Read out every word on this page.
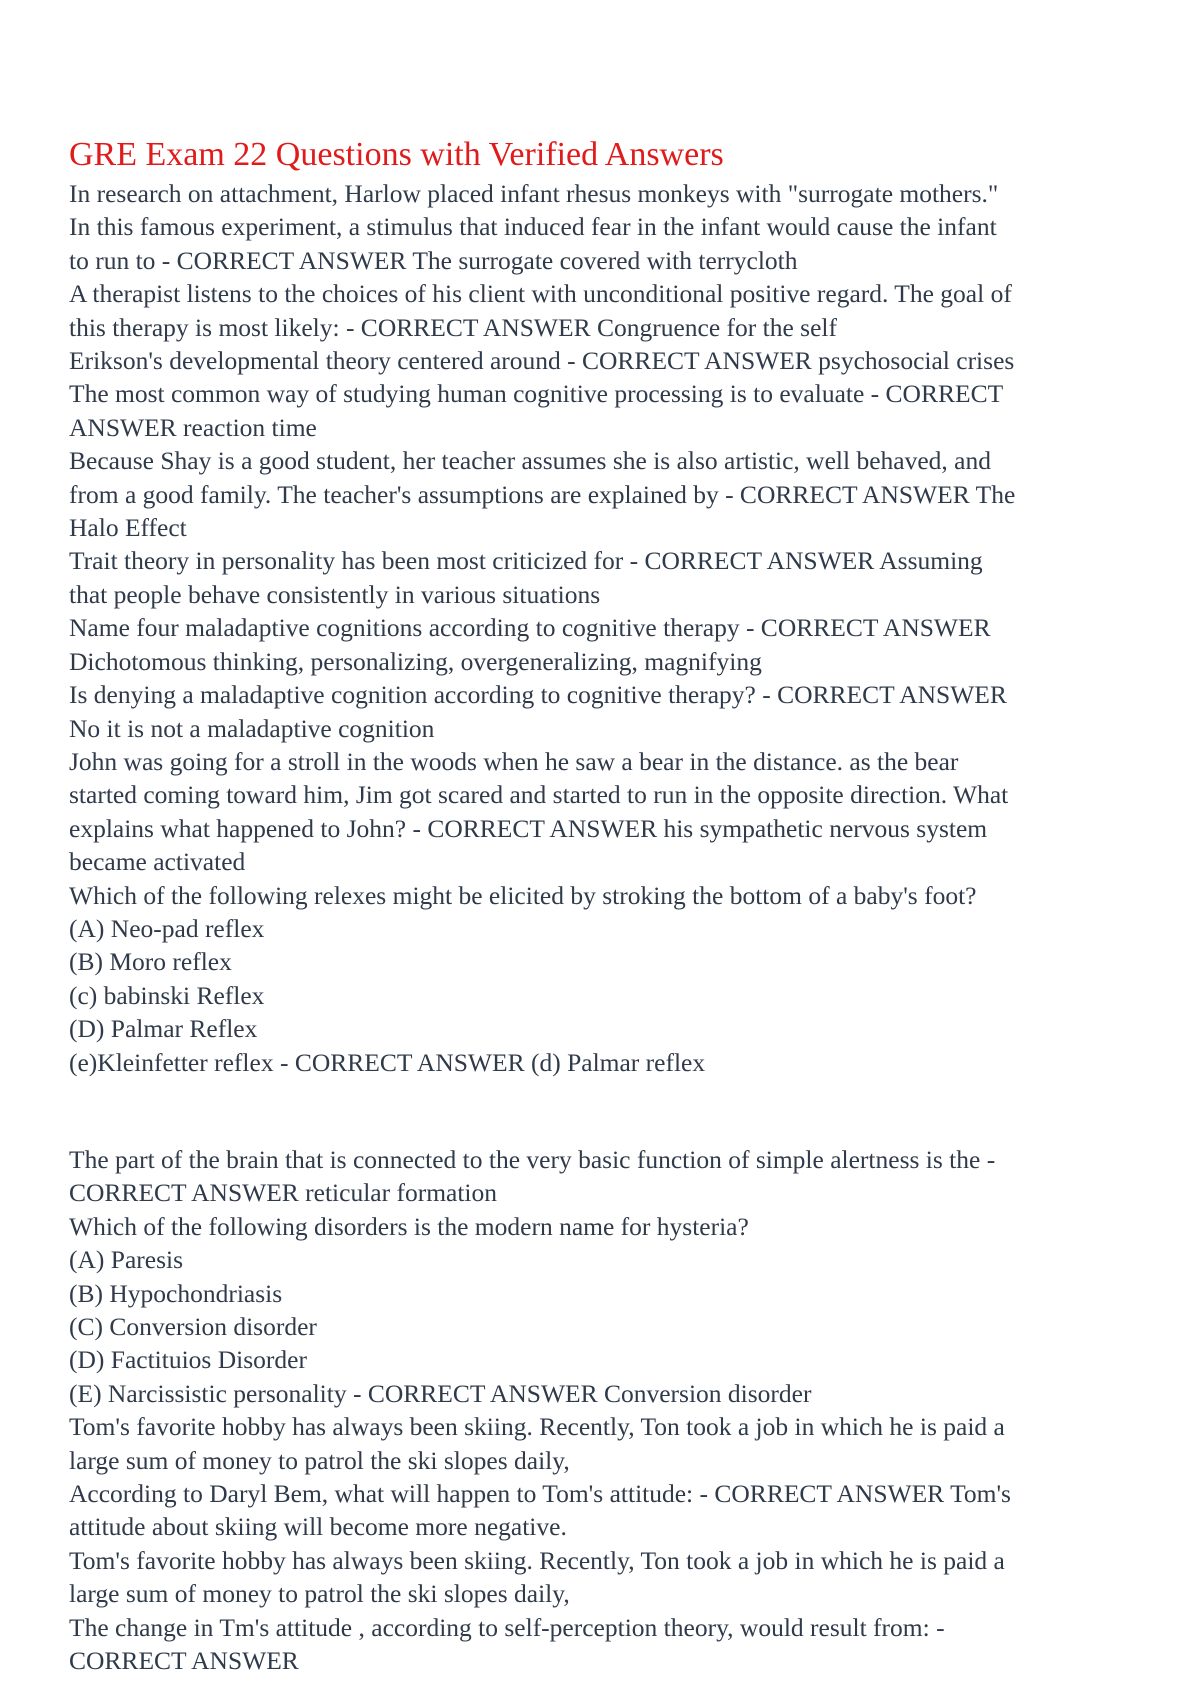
GRE Exam 22 Questions with Verified Answers
In research on attachment, Harlow placed infant rhesus monkeys with "surrogate mothers."
In this famous experiment, a stimulus that induced fear in the infant would cause the infant
to run to - CORRECT ANSWER The surrogate covered with terrycloth
A therapist listens to the choices of his client with unconditional positive regard. The goal of
this therapy is most likely: - CORRECT ANSWER Congruence for the self
Erikson's developmental theory centered around - CORRECT ANSWER psychosocial crises
The most common way of studying human cognitive processing is to evaluate - CORRECT
ANSWER reaction time
Because Shay is a good student, her teacher assumes she is also artistic, well behaved, and
from a good family. The teacher's assumptions are explained by - CORRECT ANSWER The
Halo Effect
Trait theory in personality has been most criticized for - CORRECT ANSWER Assuming
that people behave consistently in various situations
Name four maladaptive cognitions according to cognitive therapy - CORRECT ANSWER
Dichotomous thinking, personalizing, overgeneralizing, magnifying
Is denying a maladaptive cognition according to cognitive therapy? - CORRECT ANSWER
No it is not a maladaptive cognition
John was going for a stroll in the woods when he saw a bear in the distance. as the bear
started coming toward him, Jim got scared and started to run in the opposite direction. What
explains what happened to John? - CORRECT ANSWER his sympathetic nervous system
became activated
Which of the following relexes might be elicited by stroking the bottom of a baby's foot?
(A) Neo-pad reflex
(B) Moro reflex
(c) babinski Reflex
(D) Palmar Reflex
(e)Kleinfetter reflex - CORRECT ANSWER (d) Palmar reflex
The part of the brain that is connected to the very basic function of simple alertness is the -
CORRECT ANSWER reticular formation
Which of the following disorders is the modern name for hysteria?
(A) Paresis
(B) Hypochondriasis
(C) Conversion disorder
(D) Factituios Disorder
(E) Narcissistic personality - CORRECT ANSWER Conversion disorder
Tom's favorite hobby has always been skiing. Recently, Ton took a job in which he is paid a
large sum of money to patrol the ski slopes daily,
According to Daryl Bem, what will happen to Tom's attitude: - CORRECT ANSWER Tom's
attitude about skiing will become more negative.
Tom's favorite hobby has always been skiing. Recently, Ton took a job in which he is paid a
large sum of money to patrol the ski slopes daily,
The change in Tm's attitude , according to self-perception theory, would result from: -
CORRECT ANSWER
